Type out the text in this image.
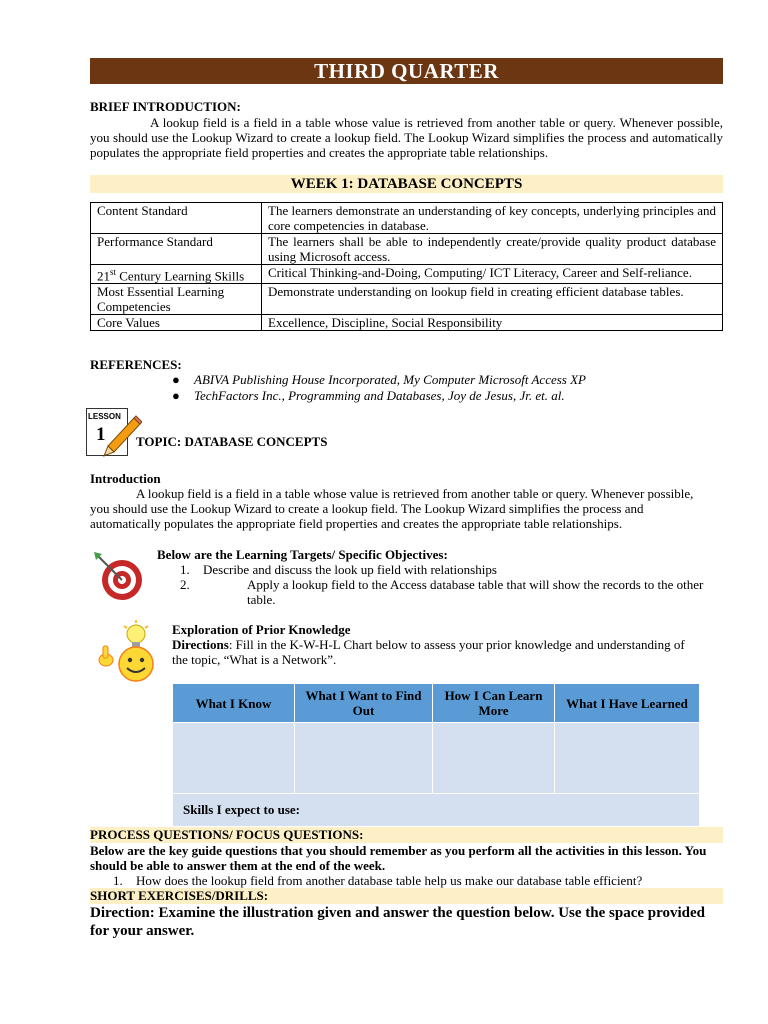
THIRD QUARTER
BRIEF INTRODUCTION:
A lookup field is a field in a table whose value is retrieved from another table or query. Whenever possible, you should use the Lookup Wizard to create a lookup field. The Lookup Wizard simplifies the process and automatically populates the appropriate field properties and creates the appropriate table relationships.
WEEK 1: DATABASE CONCEPTS
Content Standard	The learners demonstrate an understanding of key concepts, underlying principles and core competencies in database.
Performance Standard	The learners shall be able to independently create/provide quality product database using Microsoft access.
21st Century Learning Skills	Critical Thinking-and-Doing, Computing/ ICT Literacy, Career and Self-reliance.
Most Essential Learning Competencies	Demonstrate understanding on lookup field in creating efficient database tables.
Core Values	Excellence, Discipline, Social Responsibility
REFERENCES:
● ABIVA Publishing House Incorporated, My Computer Microsoft Access XP
● TechFactors Inc., Programming and Databases, Joy de Jesus, Jr. et. al.
LESSON
1 TOPIC: DATABASE CONCEPTS
Introduction
A lookup field is a field in a table whose value is retrieved from another table or query. Whenever possible, you should use the Lookup Wizard to create a lookup field. The Lookup Wizard simplifies the process and automatically populates the appropriate field properties and creates the appropriate table relationships.
Below are the Learning Targets/ Specific Objectives:
1. Describe and discuss the look up field with relationships
2.	Apply a lookup field to the Access database table that will show the records to the other table.
Exploration of Prior Knowledge
Directions: Fill in the K-W-H-L Chart below to assess your prior knowledge and understanding of the topic, “What is a Network”.
What I Know	What I Want to Find Out	How I Can Learn More	What I Have Learned

Skills I expect to use:			
PROCESS QUESTIONS/ FOCUS QUESTIONS:
Below are the key guide questions that you should remember as you perform all the activities in this lesson. You should be able to answer them at the end of the week.
1. How does the lookup field from another database table help us make our database table efficient?
SHORT EXERCISES/DRILLS:
Direction: Examine the illustration given and answer the question below. Use the space provided for your answer.
